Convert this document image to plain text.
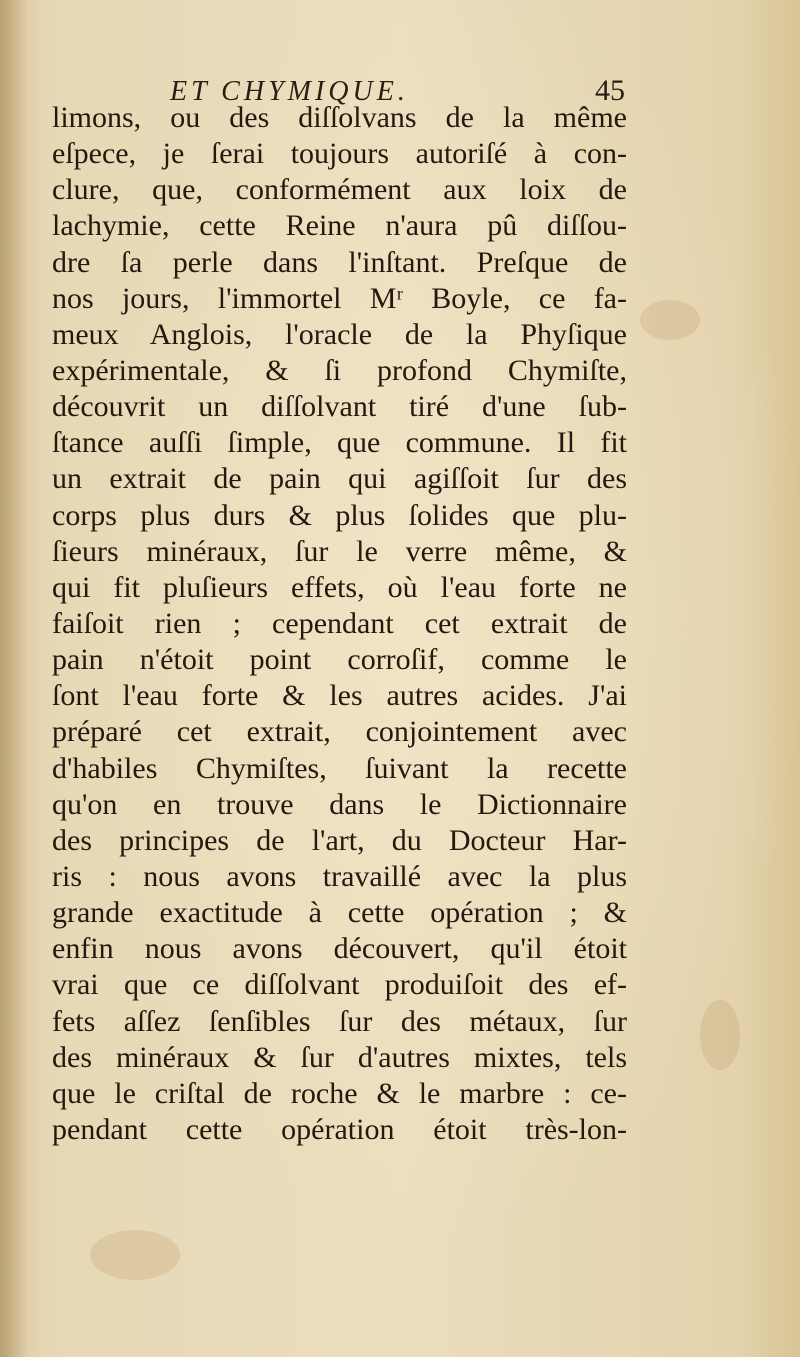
ET CHYMIQUE.	45
limons, ou des diſſolvans de la même
eſpece, je ſerai toujours autoriſé à con-
clure, que, conformément aux loix de
lachymie, cette Reine n'aura pû diſſou-
dre ſa perle dans l'inſtant. Preſque de
nos jours, l'immortel Mʳ Boyle, ce fa-
meux Anglois, l'oracle de la Phyſique
expérimentale, & ſi profond Chymiſte,
découvrit un diſſolvant tiré d'une ſub-
ſtance auſſi ſimple, que commune. Il fit
un extrait de pain qui agiſſoit ſur des
corps plus durs & plus ſolides que plu-
ſieurs minéraux, ſur le verre même, &
qui fit pluſieurs effets, où l'eau forte ne
faiſoit rien ; cependant cet extrait de
pain n'étoit point corroſif, comme le
ſont l'eau forte & les autres acides. J'ai
préparé cet extrait, conjointement avec
d'habiles Chymiſtes, ſuivant la recette
qu'on en trouve dans le Dictionnaire
des principes de l'art, du Docteur Har-
ris : nous avons travaillé avec la plus
grande exactitude à cette opération ; &
enfin nous avons découvert, qu'il étoit
vrai que ce diſſolvant produiſoit des ef-
fets aſſez ſenſibles ſur des métaux, ſur
des minéraux & ſur d'autres mixtes, tels
que le criſtal de roche & le marbre : ce-
pendant cette opération étoit très-lon-
